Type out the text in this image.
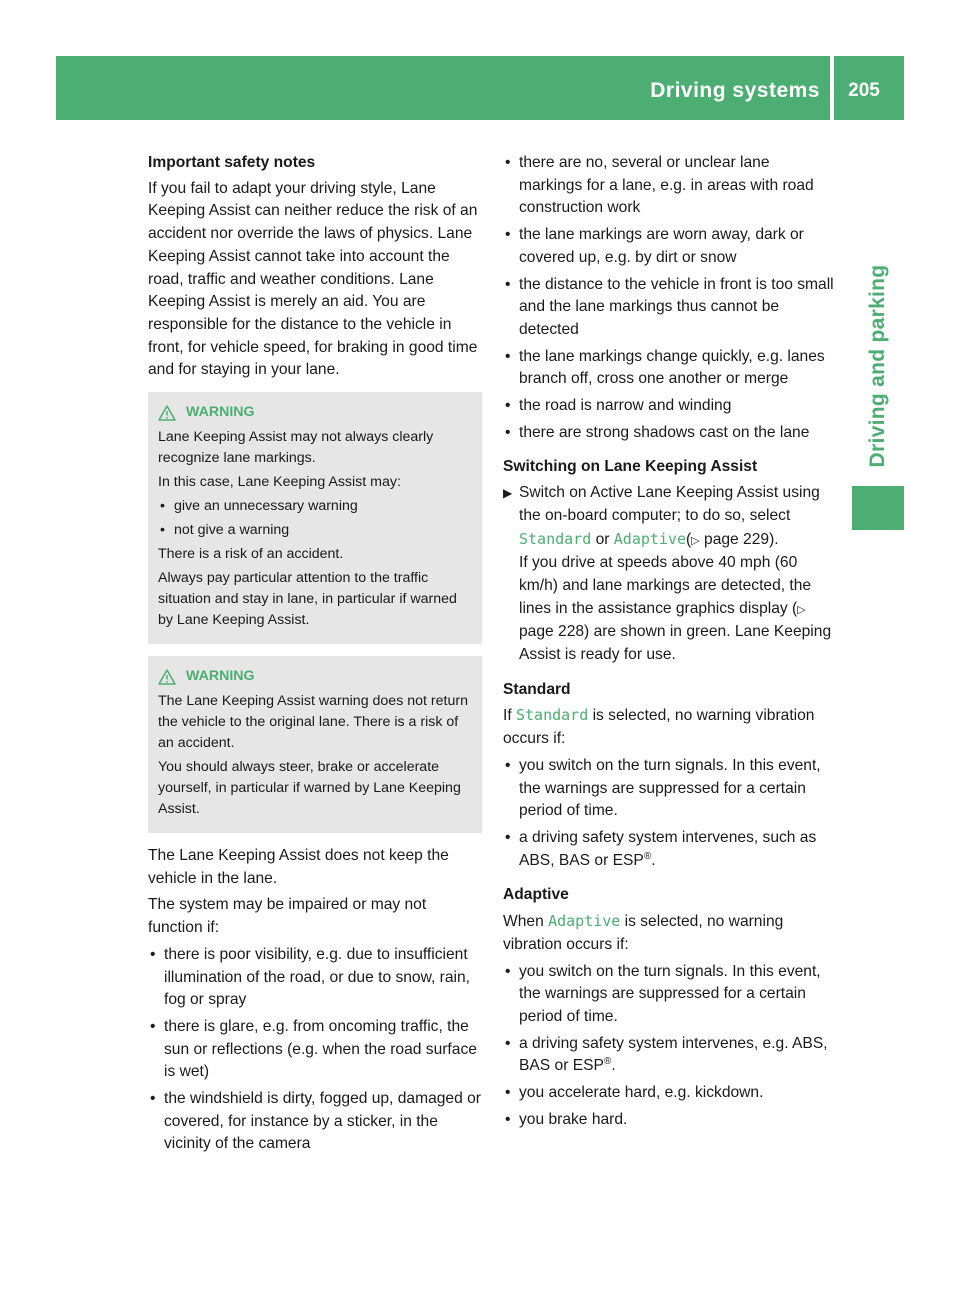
Driving systems	205
Driving and parking

Important safety notes

If you fail to adapt your driving style, Lane Keeping Assist can neither reduce the risk of an accident nor override the laws of physics. Lane Keeping Assist cannot take into account the road, traffic and weather conditions. Lane Keeping Assist is merely an aid. You are responsible for the distance to the vehicle in front, for vehicle speed, for braking in good time and for staying in your lane.

WARNING

Lane Keeping Assist may not always clearly recognize lane markings.

In this case, Lane Keeping Assist may:

• give an unnecessary warning
• not give a warning

There is a risk of an accident.

Always pay particular attention to the traffic situation and stay in lane, in particular if warned by Lane Keeping Assist.

WARNING

The Lane Keeping Assist warning does not return the vehicle to the original lane. There is a risk of an accident.

You should always steer, brake or accelerate yourself, in particular if warned by Lane Keeping Assist.

The Lane Keeping Assist does not keep the vehicle in the lane.

The system may be impaired or may not function if:

• there is poor visibility, e.g. due to insufficient illumination of the road, or due to snow, rain, fog or spray
• there is glare, e.g. from oncoming traffic, the sun or reflections (e.g. when the road surface is wet)
• the windshield is dirty, fogged up, damaged or covered, for instance by a sticker, in the vicinity of the camera
• there are no, several or unclear lane markings for a lane, e.g. in areas with road construction work
• the lane markings are worn away, dark or covered up, e.g. by dirt or snow
• the distance to the vehicle in front is too small and the lane markings thus cannot be detected
• the lane markings change quickly, e.g. lanes branch off, cross one another or merge
• the road is narrow and winding
• there are strong shadows cast on the lane

Switching on Lane Keeping Assist

▶ Switch on Active Lane Keeping Assist using the on-board computer; to do so, select Standard or Adaptive(▷ page 229).
If you drive at speeds above 40 mph (60 km/h) and lane markings are detected, the lines in the assistance graphics display (▷ page 228) are shown in green. Lane Keeping Assist is ready for use.

Standard

If Standard is selected, no warning vibration occurs if:

• you switch on the turn signals. In this event, the warnings are suppressed for a certain period of time.
• a driving safety system intervenes, such as ABS, BAS or ESP®.

Adaptive

When Adaptive is selected, no warning vibration occurs if:

• you switch on the turn signals. In this event, the warnings are suppressed for a certain period of time.
• a driving safety system intervenes, e.g. ABS, BAS or ESP®.
• you accelerate hard, e.g. kickdown.
• you brake hard.
